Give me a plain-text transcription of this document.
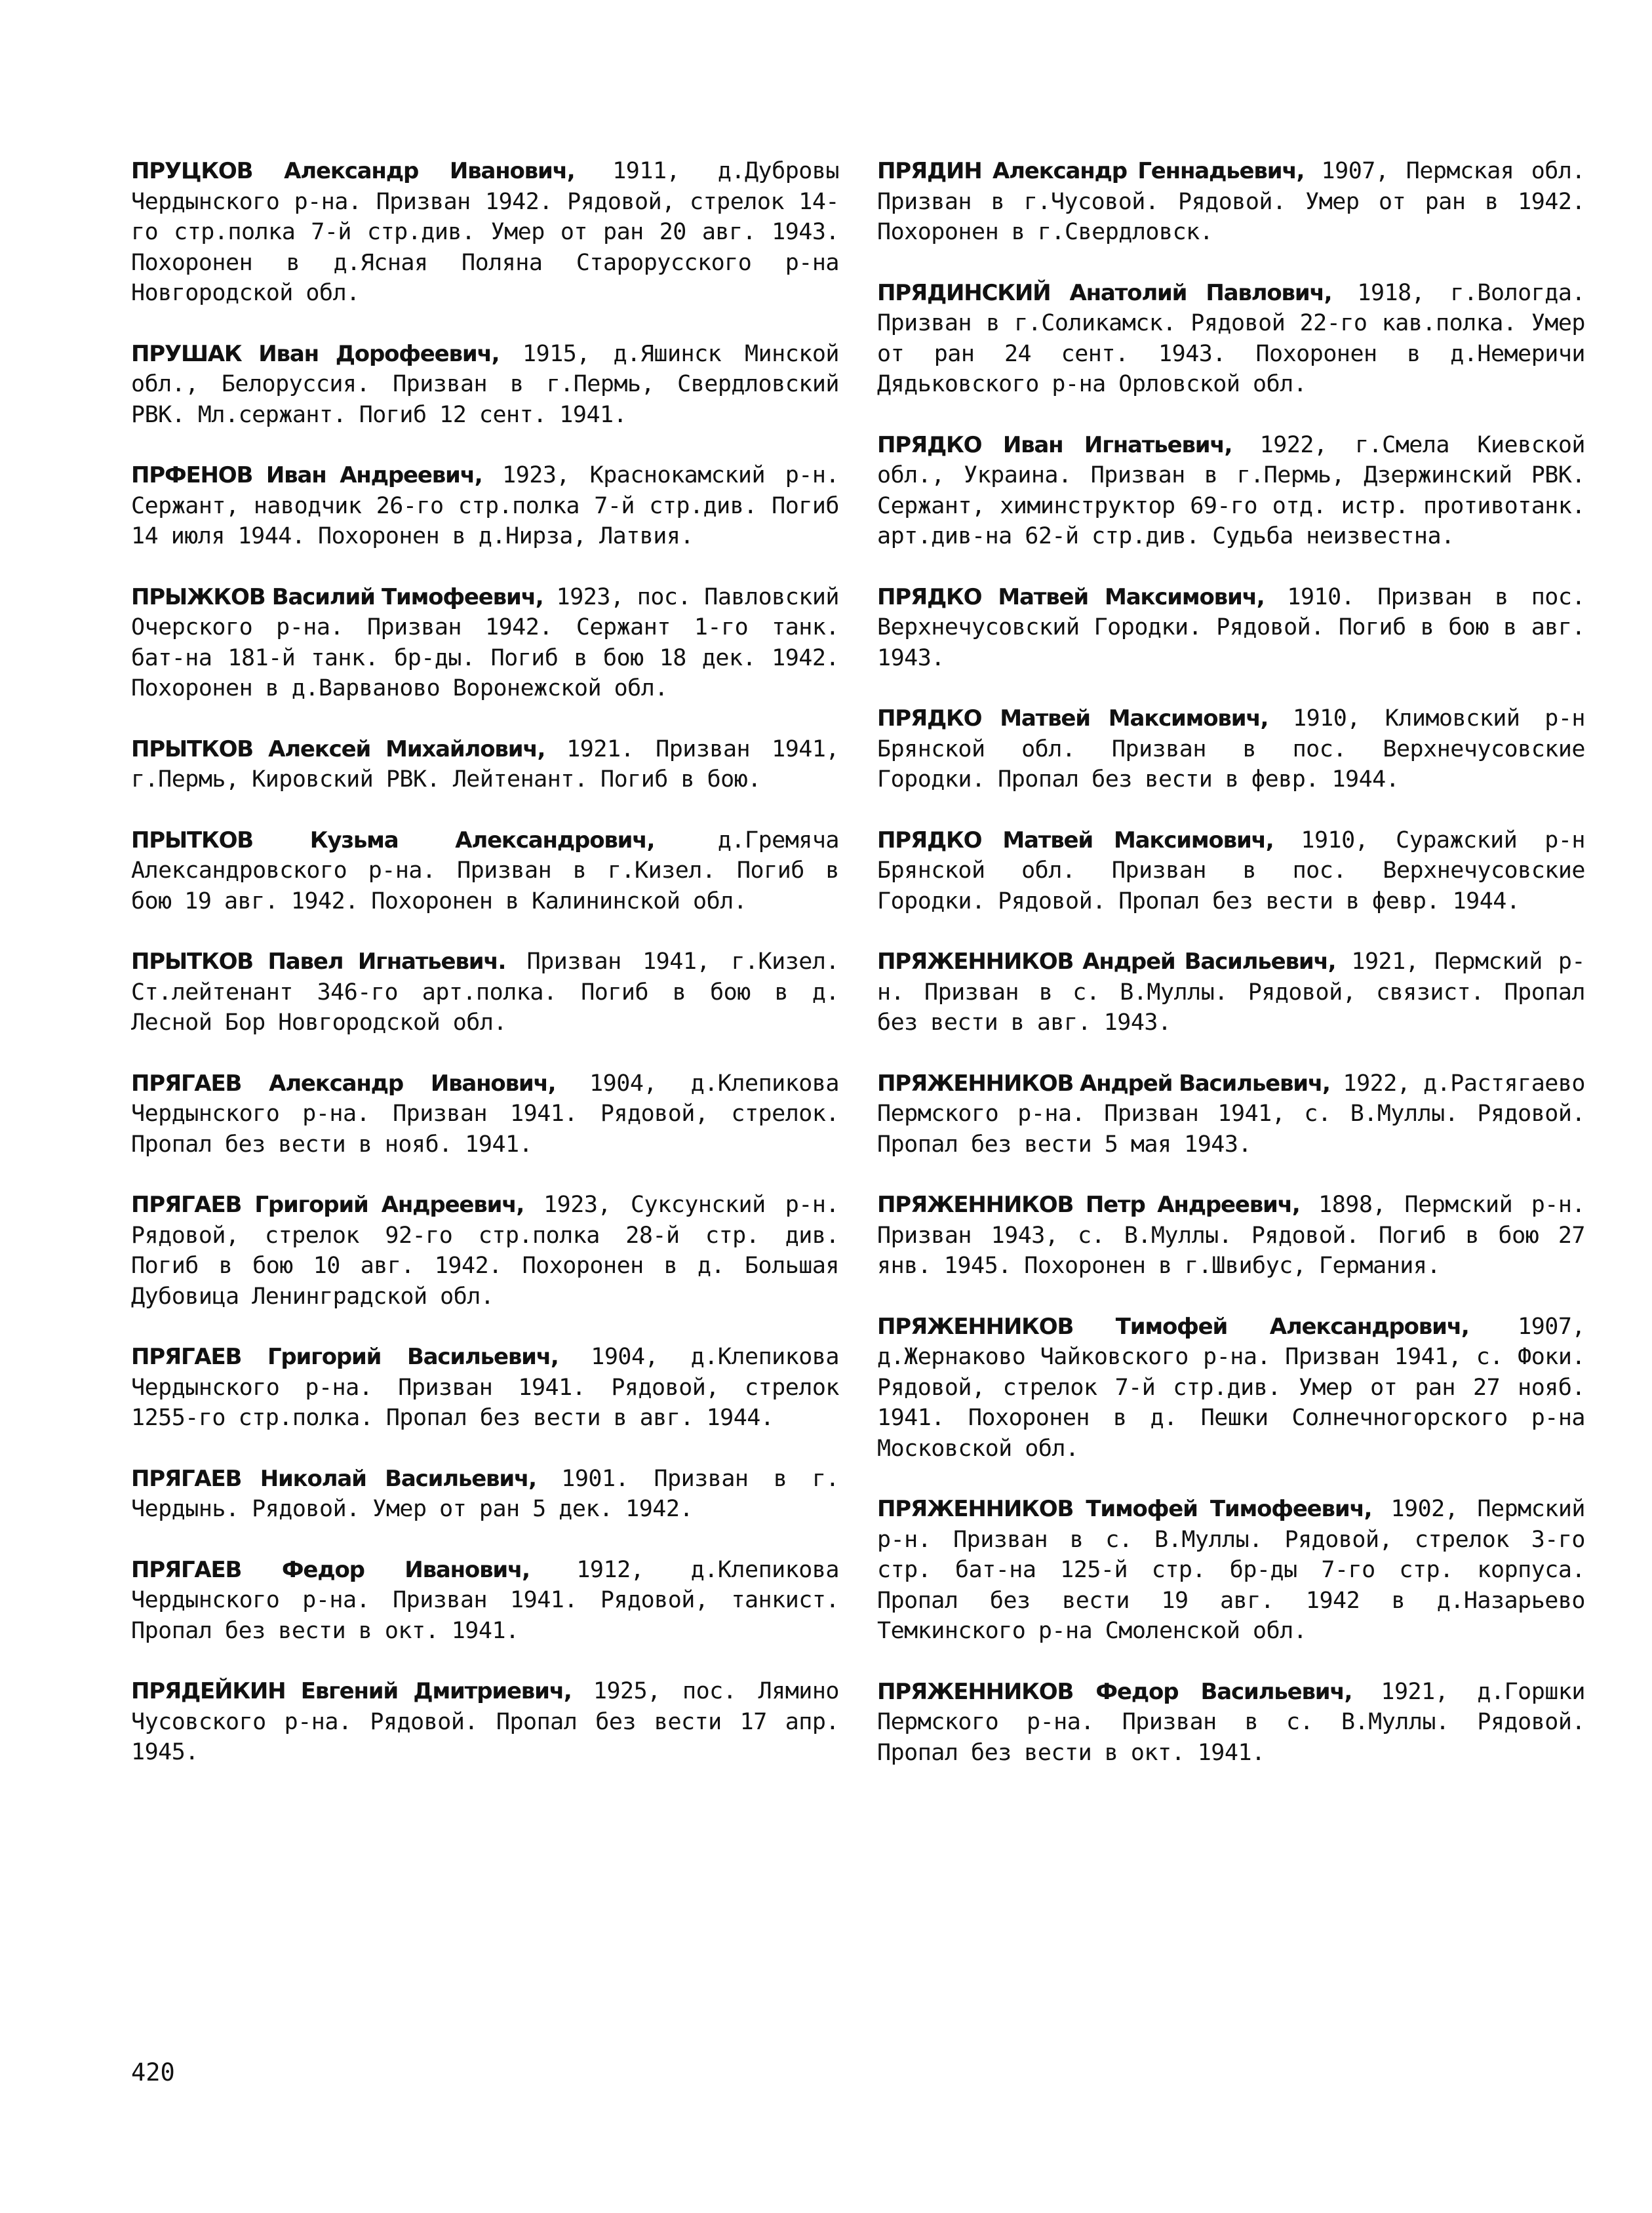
ПРУЦКОВ Александр Иванович, 1911, д.Дубровы Чердынского р-на. Призван 1942. Рядовой, стрелок 14-го стр.полка 7-й стр.див. Умер от ран 20 авг. 1943. Похоронен в д.Ясная Поляна Старорусского р-на Новгородской обл.

ПРУШАК Иван Дорофеевич, 1915, д.Яшинск Минской обл., Белоруссия. Призван в г.Пермь, Свердловский РВК. Мл.сержант. Погиб 12 сент. 1941.

ПРФЕНОВ Иван Андреевич, 1923, Краснокамский р-н. Сержант, наводчик 26-го стр.полка 7-й стр.див. Погиб 14 июля 1944. Похоронен в д.Нирза, Латвия.

ПРЫЖКОВ Василий Тимофеевич, 1923, пос. Павловский Очерского р-на. Призван 1942. Сержант 1-го танк. бат-на 181-й танк. бр-ды. Погиб в бою 18 дек. 1942. Похоронен в д.Варваново Воронежской обл.

ПРЫТКОВ Алексей Михайлович, 1921. Призван 1941, г.Пермь, Кировский РВК. Лейтенант. Погиб в бою.

ПРЫТКОВ Кузьма Александрович, д.Гремяча Александровского р-на. Призван в г.Кизел. Погиб в бою 19 авг. 1942. Похоронен в Калининской обл.

ПРЫТКОВ Павел Игнатьевич. Призван 1941, г.Кизел. Ст.лейтенант 346-го арт.полка. Погиб в бою в д. Лесной Бор Новгородской обл.

ПРЯГАЕВ Александр Иванович, 1904, д.Клепикова Чердынского р-на. Призван 1941. Рядовой, стрелок. Пропал без вести в нояб. 1941.

ПРЯГАЕВ Григорий Андреевич, 1923, Суксунский р-н. Рядовой, стрелок 92-го стр.полка 28-й стр. див. Погиб в бою 10 авг. 1942. Похоронен в д. Большая Дубовица Ленинградской обл.

ПРЯГАЕВ Григорий Васильевич, 1904, д.Клепикова Чердынского р-на. Призван 1941. Рядовой, стрелок 1255-го стр.полка. Пропал без вести в авг. 1944.

ПРЯГАЕВ Николай Васильевич, 1901. Призван в г. Чердынь. Рядовой. Умер от ран 5 дек. 1942.

ПРЯГАЕВ Федор Иванович, 1912, д.Клепикова Чердынского р-на. Призван 1941. Рядовой, танкист. Пропал без вести в окт. 1941.

ПРЯДЕЙКИН Евгений Дмитриевич, 1925, пос. Лямино Чусовского р-на. Рядовой. Пропал без вести 17 апр. 1945.

ПРЯДИН Александр Геннадьевич, 1907, Пермская обл. Призван в г.Чусовой. Рядовой. Умер от ран в 1942. Похоронен в г.Свердловск.

ПРЯДИНСКИЙ Анатолий Павлович, 1918, г.Вологда. Призван в г.Соликамск. Рядовой 22-го кав.полка. Умер от ран 24 сент. 1943. Похоронен в д.Немеричи Дядьковского р-на Орловской обл.

ПРЯДКО Иван Игнатьевич, 1922, г.Смела Киевской обл., Украина. Призван в г.Пермь, Дзержинский РВК. Сержант, химинструктор 69-го отд. истр. противотанк. арт.див-на 62-й стр.див. Судьба неизвестна.

ПРЯДКО Матвей Максимович, 1910. Призван в пос. Верхнечусовский Городки. Рядовой. Погиб в бою в авг. 1943.

ПРЯДКО Матвей Максимович, 1910, Климовский р-н Брянской обл. Призван в пос. Верхнечусовские Городки. Пропал без вести в февр. 1944.

ПРЯДКО Матвей Максимович, 1910, Суражский р-н Брянской обл. Призван в пос. Верхнечусовские Городки. Рядовой. Пропал без вести в февр. 1944.

ПРЯЖЕННИКОВ Андрей Васильевич, 1921, Пермский р-н. Призван в с. В.Муллы. Рядовой, связист. Пропал без вести в авг. 1943.

ПРЯЖЕННИКОВ Андрей Васильевич, 1922, д.Растягаево Пермского р-на. Призван 1941, с. В.Муллы. Рядовой. Пропал без вести 5 мая 1943.

ПРЯЖЕННИКОВ Петр Андреевич, 1898, Пермский р-н. Призван 1943, с. В.Муллы. Рядовой. Погиб в бою 27 янв. 1945. Похоронен в г.Швибус, Германия.

ПРЯЖЕННИКОВ Тимофей Александрович, 1907, д.Жернаково Чайковского р-на. Призван 1941, с. Фоки. Рядовой, стрелок 7-й стр.див. Умер от ран 27 нояб. 1941. Похоронен в д. Пешки Солнечногорского р-на Московской обл.

ПРЯЖЕННИКОВ Тимофей Тимофеевич, 1902, Пермский р-н. Призван в с. В.Муллы. Рядовой, стрелок 3-го стр. бат-на 125-й стр. бр-ды 7-го стр. корпуса. Пропал без вести 19 авг. 1942 в д.Назарьево Темкинского р-на Смоленской обл.

ПРЯЖЕННИКОВ Федор Васильевич, 1921, д.Горшки Пермского р-на. Призван в с. В.Муллы. Рядовой. Пропал без вести в окт. 1941.

420
